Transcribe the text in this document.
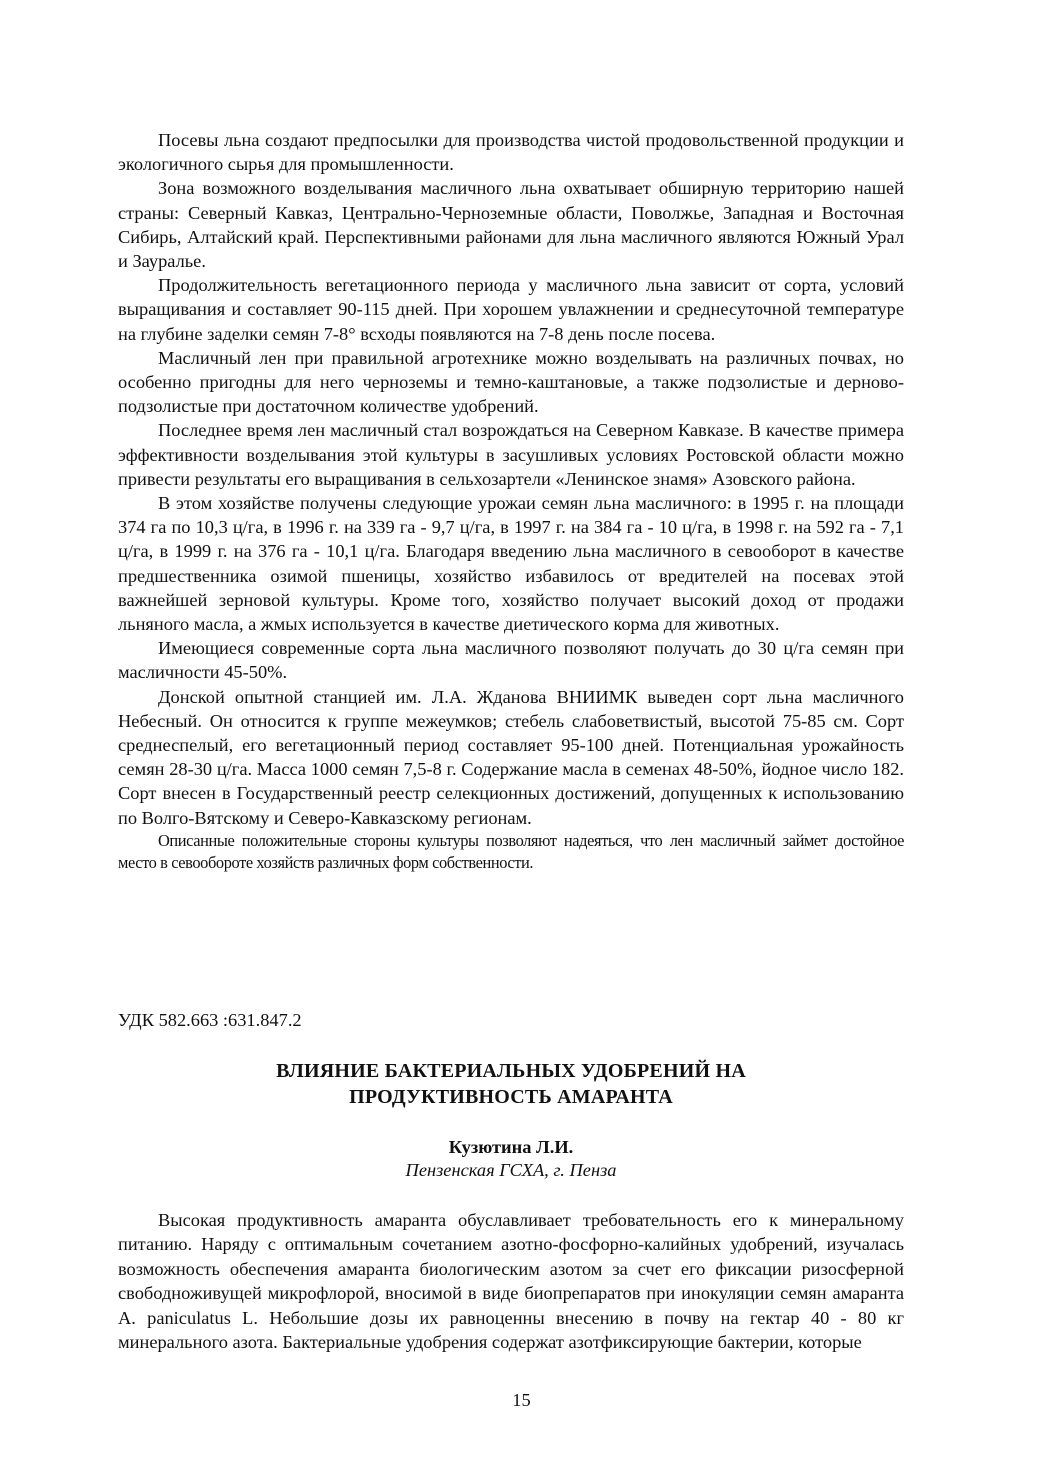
Посевы льна создают предпосылки для производства чистой продовольственной продукции и экологичного сырья для промышленности.

Зона возможного возделывания масличного льна охватывает обширную территорию нашей страны: Северный Кавказ, Центрально-Черноземные области, Поволжье, Западная и Восточная Сибирь, Алтайский край. Перспективными районами для льна масличного являются Южный Урал и Зауралье.

Продолжительность вегетационного периода у масличного льна зависит от сорта, условий выращивания и составляет 90-115 дней. При хорошем увлажнении и среднесуточной температуре на глубине заделки семян 7-8° всходы появляются на 7-8 день после посева.

Масличный лен при правильной агротехнике можно возделывать на различных почвах, но особенно пригодны для него черноземы и темно-каштановые, а также подзолистые и дерново-подзолистые при достаточном количестве удобрений.

Последнее время лен масличный стал возрождаться на Северном Кавказе. В качестве примера эффективности возделывания этой культуры в засушливых условиях Ростовской области можно привести результаты его выращивания в сельхозартели «Ленинское знамя» Азовского района.

В этом хозяйстве получены следующие урожаи семян льна масличного: в 1995 г. на площади 374 га по 10,3 ц/га, в 1996 г. на 339 га - 9,7 ц/га, в 1997 г. на 384 га - 10 ц/га, в 1998 г. на 592 га - 7,1 ц/га, в 1999 г. на 376 га - 10,1 ц/га. Благодаря введению льна масличного в севооборот в качестве предшественника озимой пшеницы, хозяйство избавилось от вредителей на посевах этой важнейшей зерновой культуры. Кроме того, хозяйство получает высокий доход от продажи льняного масла, а жмых используется в качестве диетического корма для животных.

Имеющиеся современные сорта льна масличного позволяют получать до 30 ц/га семян при масличности 45-50%.

Донской опытной станцией им. Л.А. Жданова ВНИИМК выведен сорт льна масличного Небесный. Он относится к группе межеумков; стебель слабоветвистый, высотой 75-85 см. Сорт среднеспелый, его вегетационный период составляет 95-100 дней. Потенциальная урожайность семян 28-30 ц/га. Масса 1000 семян 7,5-8 г. Содержание масла в семенах 48-50%, йодное число 182. Сорт внесен в Государственный реестр селекционных достижений, допущенных к использованию по Волго-Вятскому и Северо-Кавказскому регионам.

Описанные положительные стороны культуры позволяют надеяться, что лен масличный займет достойное место в севообороте хозяйств различных форм собственности.

УДК 582.663 :631.847.2

ВЛИЯНИЕ БАКТЕРИАЛЬНЫХ УДОБРЕНИЙ НА
ПРОДУКТИВНОСТЬ АМАРАНТА

Кузютина Л.И.

Пензенская ГСХА, г. Пенза

Высокая продуктивность амаранта обуславливает требовательность его к минеральному питанию. Наряду с оптимальным сочетанием азотно-фосфорно-калийных удобрений, изучалась возможность обеспечения амаранта биологическим азотом за счет его фиксации ризосферной свободноживущей микрофлорой, вносимой в виде биопрепаратов при инокуляции семян амаранта A. paniculatus L. Небольшие дозы их равноценны внесению в почву на гектар 40 - 80 кг минерального азота. Бактериальные удобрения содержат азотфиксирующие бактерии, которые

15
